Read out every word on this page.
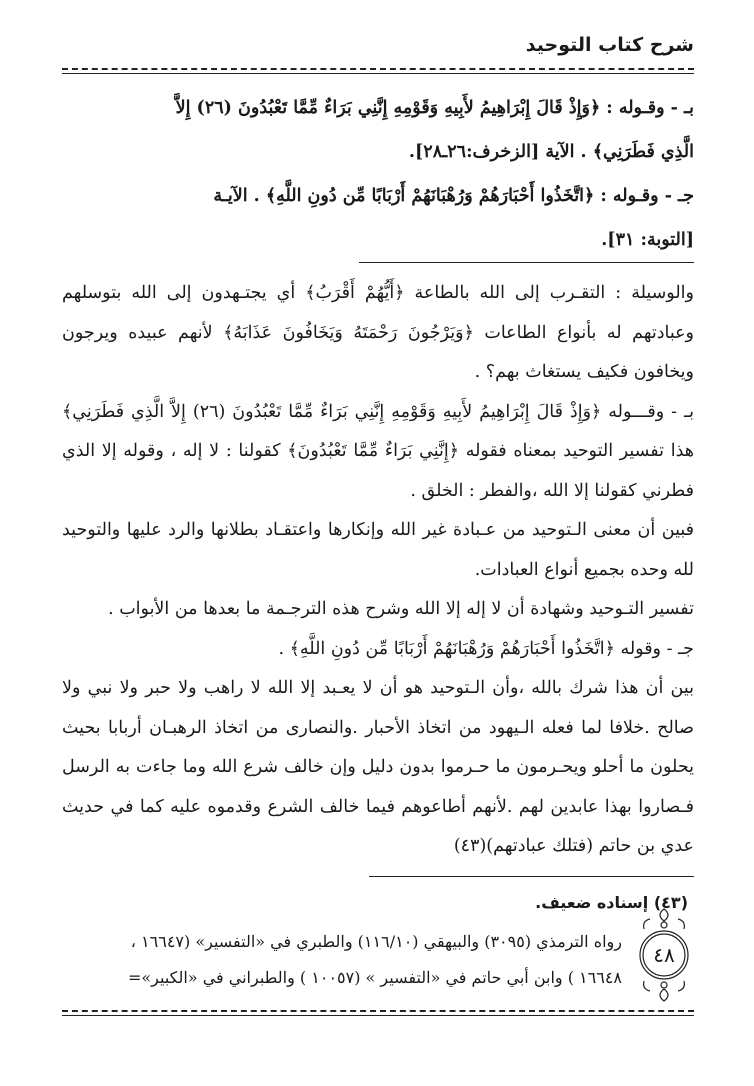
شرح كتاب التوحيد

بـ - وقـوله : ﴿وَإِذْ قَالَ إِبْرَاهِيمُ لأَبِيهِ وَقَوْمِهِ إِنَّنِي بَرَاءٌ مِّمَّا تَعْبُدُونَ (٢٦) إِلاَّ

الَّذِي فَطَرَنِي﴾ . الآية [الزخرف:٢٦ـ٢٨].

جـ - وقـوله : ﴿اتَّخَذُوا أَحْبَارَهُمْ وَرُهْبَانَهُمْ أَرْبَابًا مِّن دُونِ اللَّهِ﴾ . الآيـة

[التوبة: ٣١].

والوسيلة : التقـرب إلى الله بالطاعة ﴿أَيُّهُمْ أَقْرَبُ﴾ أي يجتـهدون إلى الله بتوسلهم وعبادتهم له بأنواع الطاعات ﴿وَيَرْجُونَ رَحْمَتَهُ وَيَخَافُونَ عَذَابَهُ﴾ لأنهم عبيده ويرجون ويخافون فكيف يستغاث بهم؟ .

بـ - وقـــوله ﴿وَإِذْ قَالَ إِبْرَاهِيمُ لأَبِيهِ وَقَوْمِهِ إِنَّنِي بَرَاءٌ مِّمَّا تَعْبُدُونَ (٢٦) إِلاَّ الَّذِي فَطَرَنِي﴾ هذا تفسير التوحيد بمعناه فقوله ﴿إِنَّنِي بَرَاءٌ مِّمَّا تَعْبُدُونَ﴾ كقولنا : لا إله ، وقوله إلا الذي فطرني كقولنا إلا الله ،والفطر : الخلق .

فبين أن معنى الـتوحيد من عـبادة غير الله وإنكارها واعتقـاد بطلانها والرد عليها والتوحيد لله وحده بجميع أنواع العبادات.

تفسير التـوحيد وشهادة أن لا إله إلا الله وشرح هذه الترجـمة ما بعدها من الأبواب .

جـ - وقوله ﴿اتَّخَذُوا أَحْبَارَهُمْ وَرُهْبَانَهُمْ أَرْبَابًا مِّن دُونِ اللَّهِ﴾ .

بين أن هذا شرك بالله ،وأن الـتوحيد هو أن لا يعـبد إلا الله لا راهب ولا حبر ولا نبي ولا صالح .خلافا لما فعله الـيهود من اتخاذ الأحبار .والنصارى من اتخاذ الرهبـان أربابا بحيث يحلون ما أحلو ويحـرمون ما حـرموا بدون دليل وإن خالف شرع الله وما جاءت به الرسل فـصاروا بهذا عابدين لهم .لأنهم أطاعوهم فيما خالف الشرع وقدموه عليه كما في حديث عدي بن حاتم (فتلك عبادتهم)(٤٣)

(٤٣) إسناده ضعيف.

رواه الترمذي (٣٠٩٥) والبيهقي (١١٦/١٠) والطبري في «التفسير» (١٦٦٤٧ ،

١٦٦٤٨ ) وابن أبي حاتم في «التفسير » (١٠٠٥٧ ) والطبراني في «الكبير»=

٤٨
